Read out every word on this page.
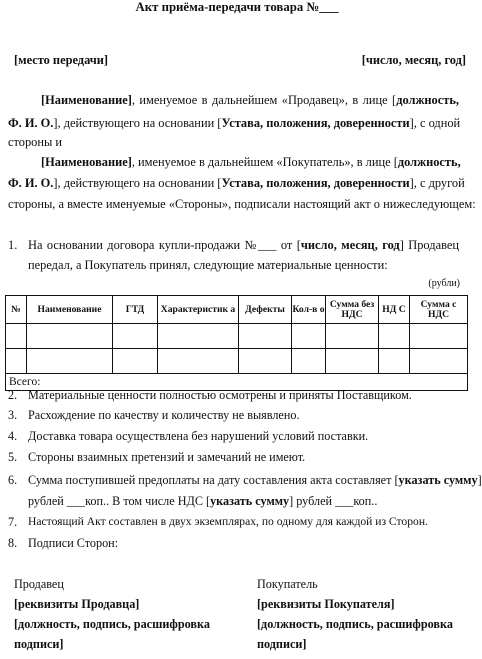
Акт приёма-передачи товара №___
[место передачи]	[число, месяц, год]
[Наименование], именуемое в дальнейшем «Продавец», в лице [должность,
Ф. И. О.], действующего на основании [Устава, положения, доверенности], с одной
стороны и
[Наименование], именуемое в дальнейшем «Покупатель», в лице [должность,
Ф. И. О.], действующего на основании [Устава, положения, доверенности], с другой
стороны, а вместе именуемые «Стороны», подписали настоящий акт о нижеследующем:
1. На основании договора купли-продажи №___ от [число, месяц, год] Продавец
передал, а Покупатель принял, следующие материальные ценности:
(рубли)
№	Наименование	ГТД	Характеристик а	Дефекты	Кол-в о	Сумма без НДС	НД С	Сумма с НДС

Всего:								
2. Материальные ценности полностью осмотрены и приняты Поставщиком.
3. Расхождение по качеству и количеству не выявлено.
4. Доставка товара осуществлена без нарушений условий поставки.
5. Стороны взаимных претензий и замечаний не имеют.
6. Сумма поступившей предоплаты на дату составления акта составляет [указать сумму]
рублей ___коп.. В том числе НДС [указать сумму] рублей ___коп..
7. Настоящий Акт составлен в двух экземплярах, по одному для каждой из Сторон.
8. Подписи Сторон:
Продавец
[реквизиты Продавца]
[должность, подпись, расшифровка
подписи]
Покупатель
[реквизиты Покупателя]
[должность, подпись, расшифровка
подписи]
